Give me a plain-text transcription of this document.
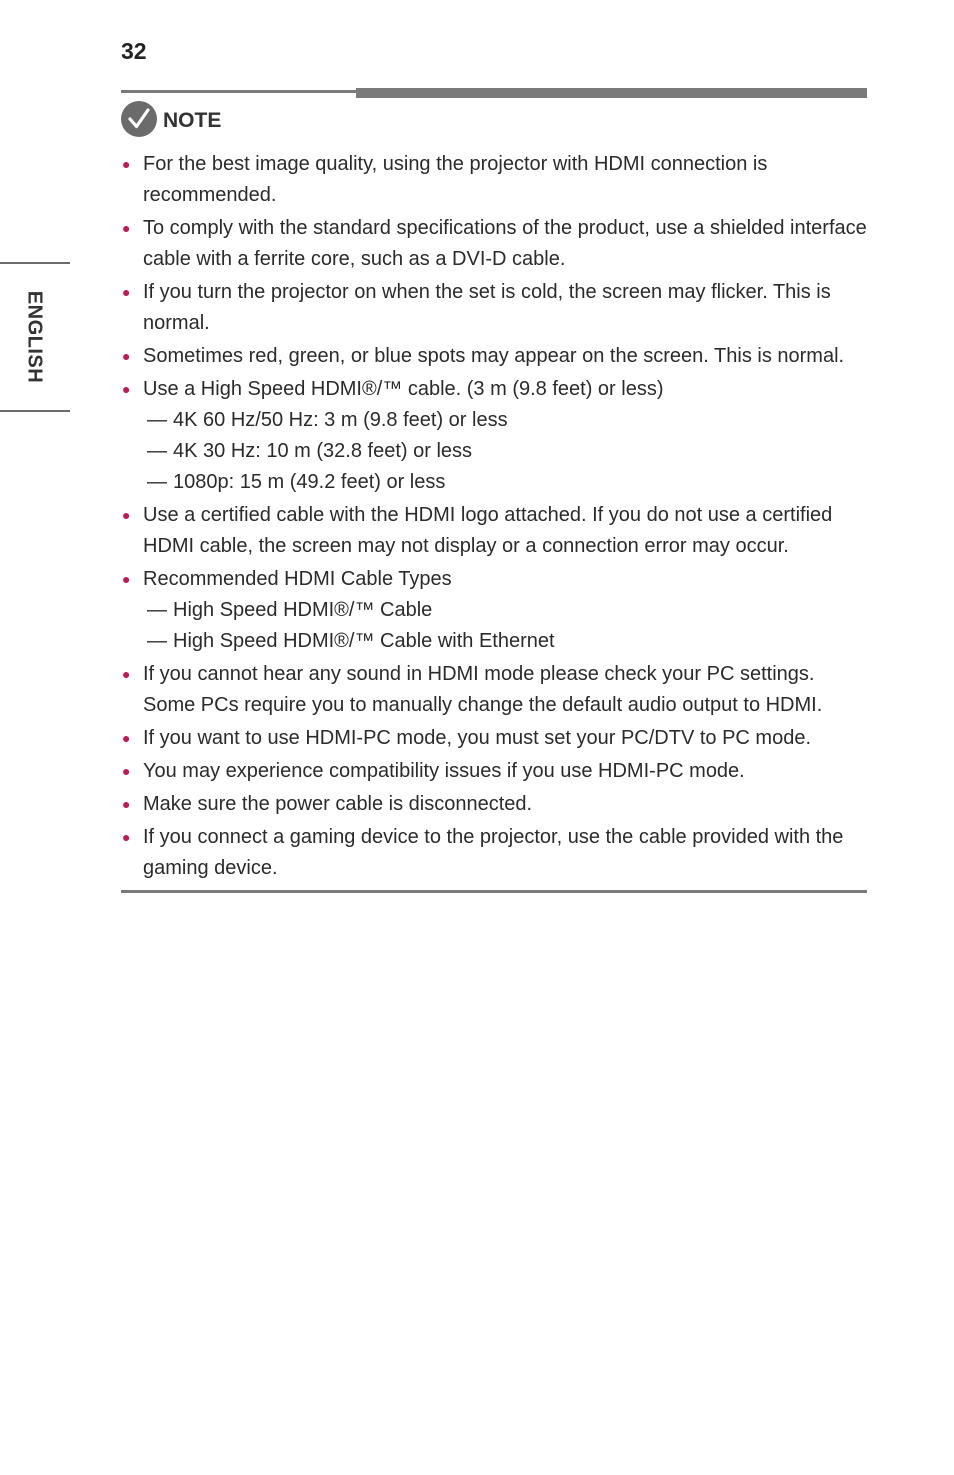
32
ENGLISH
NOTE
● For the best image quality, using the projector with HDMI connection is recommended.
● To comply with the standard specifications of the product, use a shielded interface cable with a ferrite core, such as a DVI-D cable.
● If you turn the projector on when the set is cold, the screen may flicker. This is normal.
● Sometimes red, green, or blue spots may appear on the screen. This is normal.
● Use a High Speed HDMI®/™ cable. (3 m (9.8 feet) or less)
— 4K 60 Hz/50 Hz: 3 m (9.8 feet) or less
— 4K 30 Hz: 10 m (32.8 feet) or less
— 1080p: 15 m (49.2 feet) or less
● Use a certified cable with the HDMI logo attached. If you do not use a certified HDMI cable, the screen may not display or a connection error may occur.
● Recommended HDMI Cable Types
— High Speed HDMI®/™ Cable
— High Speed HDMI®/™ Cable with Ethernet
● If you cannot hear any sound in HDMI mode please check your PC settings. Some PCs require you to manually change the default audio output to HDMI.
● If you want to use HDMI-PC mode, you must set your PC/DTV to PC mode.
● You may experience compatibility issues if you use HDMI-PC mode.
● Make sure the power cable is disconnected.
● If you connect a gaming device to the projector, use the cable provided with the gaming device.
